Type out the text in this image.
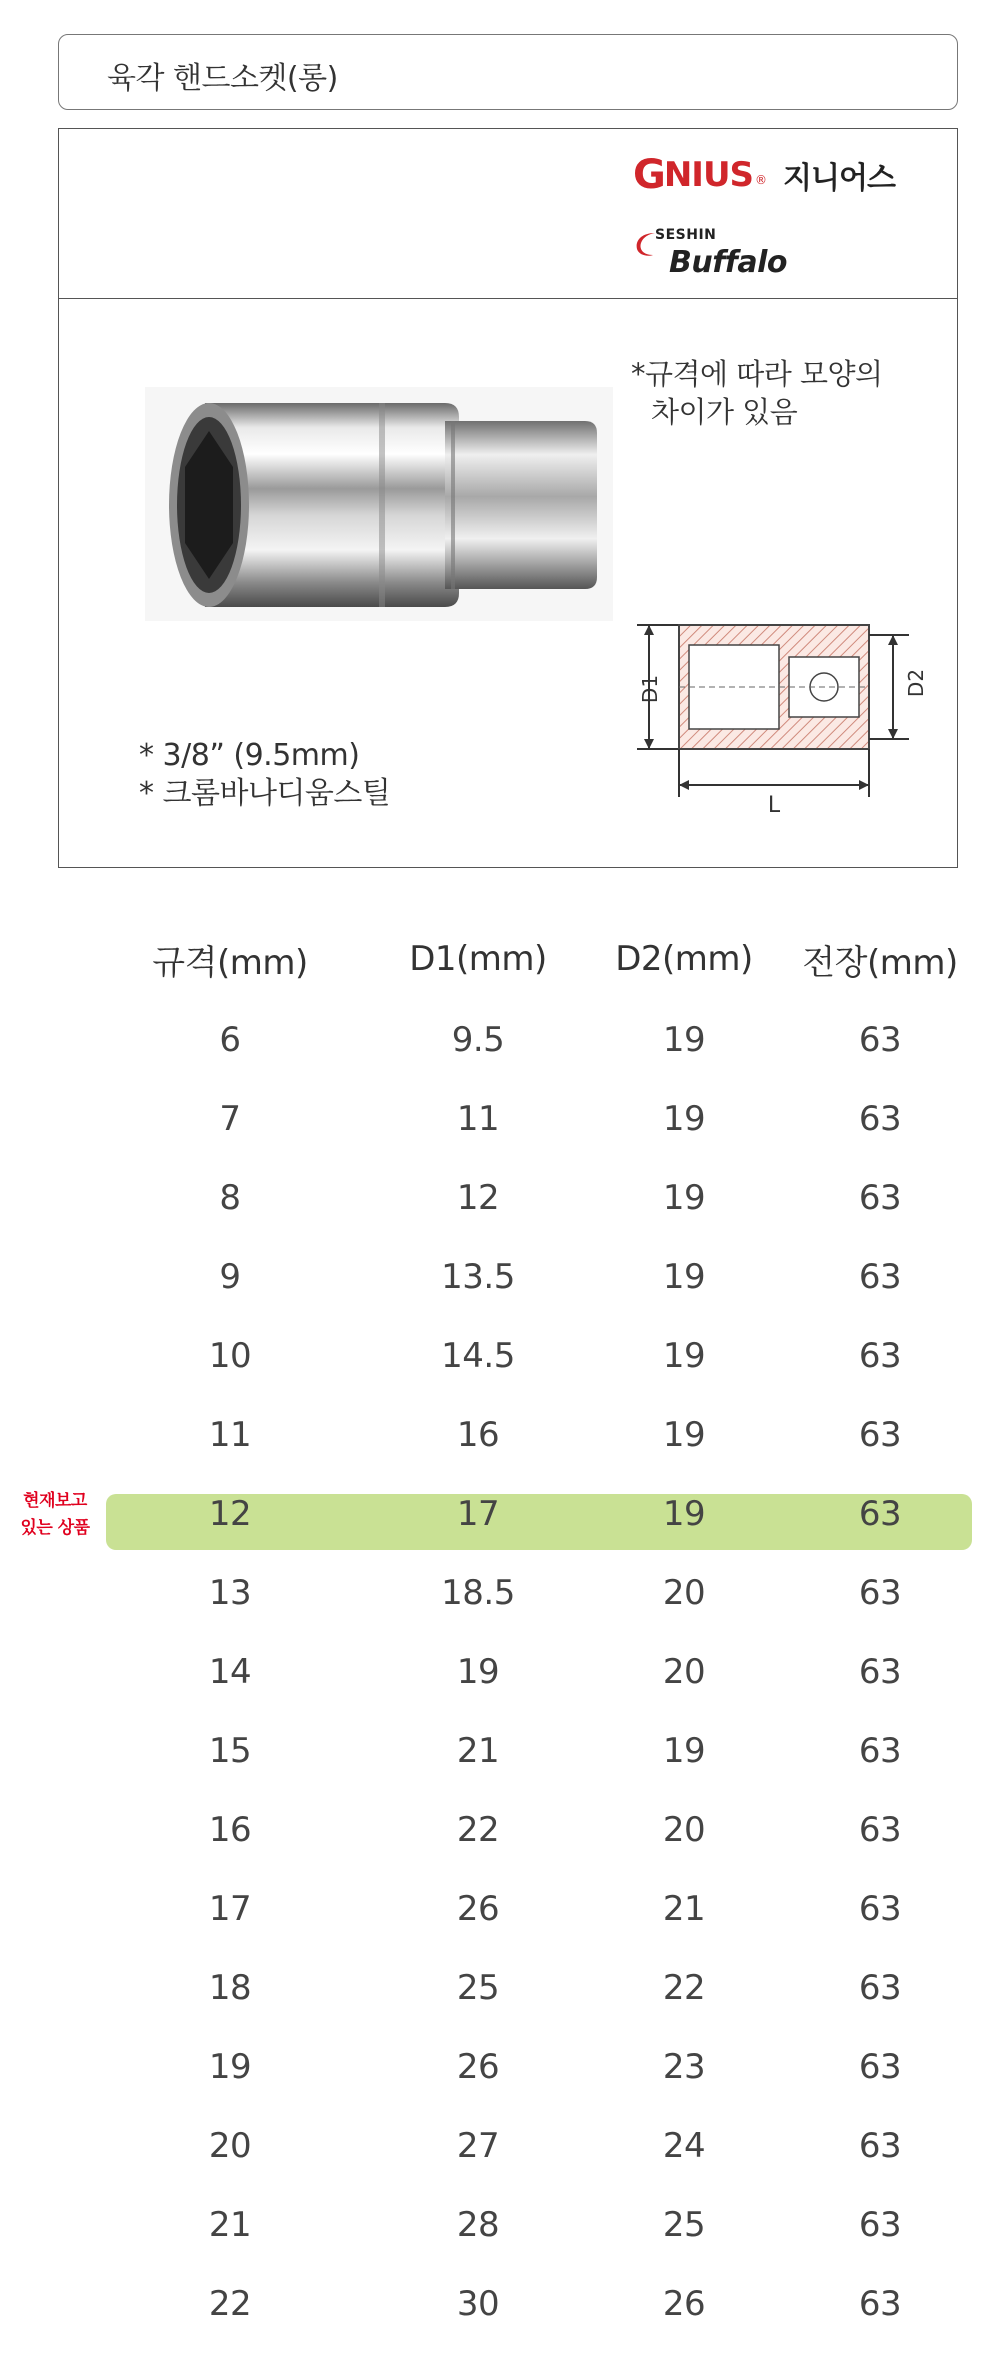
육각 핸드소켓(롱)
G NIUS ® 지니어스
SESHIN
Buffalo
*규격에 따라 모양의
차이가 있음
D1	D2
L
* 3/8” (9.5mm)
* 크롬바나디움스틸
규격(mm)	D1(mm)	D2(mm)	전장(mm)
6	9.5	19	63
7	11	19	63
8	12	19	63
9	13.5	19	63
10	14.5	19	63
11	16	19	63
12	17	19	63
13	18.5	20	63
14	19	20	63
15	21	19	63
16	22	20	63
17	26	21	63
18	25	22	63
19	26	23	63
20	27	24	63
21	28	25	63
22	30	26	63
현재보고
있는 상품
